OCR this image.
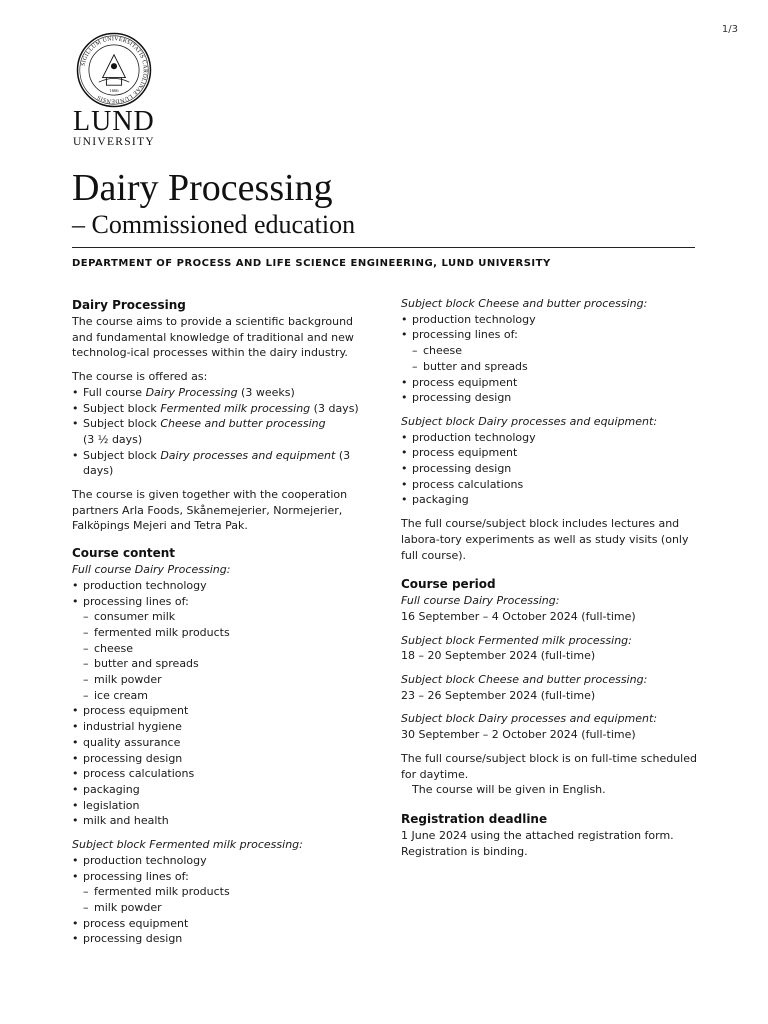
1/3
SIGILLUM UNIVERSITATIS CAROLINAE LUNDENSIS
1666
LUND
UNIVERSITY
Dairy Processing
– Commissioned education
DEPARTMENT OF PROCESS AND LIFE SCIENCE ENGINEERING, LUND UNIVERSITY
Dairy Processing

The course aims to provide a scientific background and fundamental knowledge of traditional and new technolog-ical processes within the dairy industry.

The course is offered as:
• Full course Dairy Processing (3 weeks)
• Subject block Fermented milk processing (3 days)
• Subject block Cheese and butter processing
(3 ½ days)
• Subject block Dairy processes and equipment (3 days)

The course is given together with the cooperation partners Arla Foods, Skånemejerier, Normejerier, Falköpings Mejeri and Tetra Pak.

Course content
Full course Dairy Processing:
• production technology
• processing lines of:
– consumer milk
– fermented milk products
– cheese
– butter and spreads
– milk powder
– ice cream
• process equipment
• industrial hygiene
• quality assurance
• processing design
• process calculations
• packaging
• legislation
• milk and health
Subject block Fermented milk processing:
• production technology
• processing lines of:
– fermented milk products
– milk powder
• process equipment
• processing design
Subject block Cheese and butter processing:
• production technology
• processing lines of:
– cheese
– butter and spreads
• process equipment
• processing design
Subject block Dairy processes and equipment:
• production technology
• process equipment
• processing design
• process calculations
• packaging

The full course/subject block includes lectures and labora-tory experiments as well as study visits (only full course).

Course period
Full course Dairy Processing:
16 September – 4 October 2024 (full-time)
Subject block Fermented milk processing:
18 – 20 September 2024 (full-time)
Subject block Cheese and butter processing:
23 – 26 September 2024 (full-time)
Subject block Dairy processes and equipment:
30 September – 2 October 2024 (full-time)
The full course/subject block is on full-time scheduled for daytime.

The course will be given in English.

Registration deadline
1 June 2024 using the attached registration form.
Registration is binding.
